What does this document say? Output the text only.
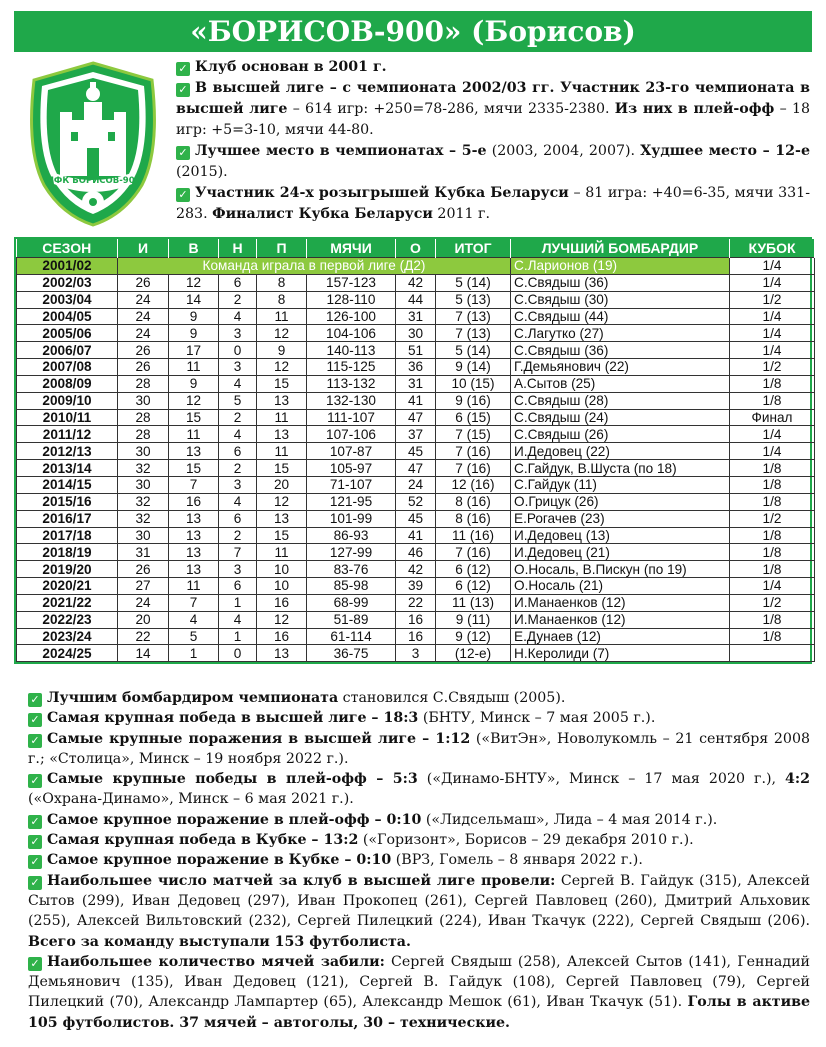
«БОРИСОВ-900» (Борисов)
МФК БОРИСОВ-900

✓ Клуб основан в 2001 г.

✓ В высшей лиге – с чемпионата 2002/03 гг. Участник 23-го чемпионата в высшей лиге – 614 игр: +250=78-286, мячи 2335-2380. Из них в плей-офф – 18 игр: +5=3-10, мячи 44-80.

✓ Лучшее место в чемпионатах – 5-е (2003, 2004, 2007). Худшее место – 12-е (2015).

✓ Участник 24-х розыгрышей Кубка Беларуси – 81 игра: +40=6-35, мячи 331-283. Финалист Кубка Беларуси 2011 г.

СЕЗОН	И	В	Н	П	МЯЧИ	О	ИТОГ	ЛУЧШИЙ БОМБАРДИР	КУБОК
2001/02	Команда играла в первой лиге (Д2)							С.Ларионов (19)	1/4
2002/03	26	12	6	8	157-123	42	5 (14)	С.Свядыш (36)	1/4
2003/04	24	14	2	8	128-110	44	5 (13)	С.Свядыш (30)	1/2
2004/05	24	9	4	11	126-100	31	7 (13)	С.Свядыш (44)	1/4
2005/06	24	9	3	12	104-106	30	7 (13)	С.Лагутко (27)	1/4
2006/07	26	17	0	9	140-113	51	5 (14)	С.Свядыш (36)	1/4
2007/08	26	11	3	12	115-125	36	9 (14)	Г.Демьянович (22)	1/2
2008/09	28	9	4	15	113-132	31	10 (15)	А.Сытов (25)	1/8
2009/10	30	12	5	13	132-130	41	9 (16)	С.Свядыш (28)	1/8
2010/11	28	15	2	11	111-107	47	6 (15)	С.Свядыш (24)	Финал
2011/12	28	11	4	13	107-106	37	7 (15)	С.Свядыш (26)	1/4
2012/13	30	13	6	11	107-87	45	7 (16)	И.Дедовец (22)	1/4
2013/14	32	15	2	15	105-97	47	7 (16)	С.Гайдук, В.Шуста (по 18)	1/8
2014/15	30	7	3	20	71-107	24	12 (16)	С.Гайдук (11)	1/8
2015/16	32	16	4	12	121-95	52	8 (16)	О.Грицук (26)	1/8
2016/17	32	13	6	13	101-99	45	8 (16)	Е.Рогачев (23)	1/2
2017/18	30	13	2	15	86-93	41	11 (16)	И.Дедовец (13)	1/8
2018/19	31	13	7	11	127-99	46	7 (16)	И.Дедовец (21)	1/8
2019/20	26	13	3	10	83-76	42	6 (12)	О.Носаль, В.Пискун (по 19)	1/8
2020/21	27	11	6	10	85-98	39	6 (12)	О.Носаль (21)	1/4
2021/22	24	7	1	16	68-99	22	11 (13)	И.Манаенков (12)	1/2
2022/23	20	4	4	12	51-89	16	9 (11)	И.Манаенков (12)	1/8
2023/24	22	5	1	16	61-114	16	9 (12)	Е.Дунаев (12)	1/8
2024/25	14	1	0	13	36-75	3	(12-е)	Н.Керолиди (7)	

✓ Лучшим бомбардиром чемпионата становился С.Свядыш (2005).

✓ Самая крупная победа в высшей лиге – 18:3 (БНТУ, Минск – 7 мая 2005 г.).

✓ Самые крупные поражения в высшей лиге – 1:12 («ВитЭн», Новолукомль – 21 сентября 2008 г.; «Столица», Минск – 19 ноября 2022 г.).

✓ Самые крупные победы в плей-офф – 5:3 («Динамо-БНТУ», Минск – 17 мая 2020 г.), 4:2 («Охрана-Динамо», Минск – 6 мая 2021 г.).

✓ Самое крупное поражение в плей-офф – 0:10 («Лидсельмаш», Лида – 4 мая 2014 г.).

✓ Самая крупная победа в Кубке – 13:2 («Горизонт», Борисов – 29 декабря 2010 г.).

✓ Самое крупное поражение в Кубке – 0:10 (ВРЗ, Гомель – 8 января 2022 г.).

✓ Наибольшее число матчей за клуб в высшей лиге провели: Сергей В. Гайдук (315), Алексей Сытов (299), Иван Дедовец (297), Иван Прокопец (261), Сергей Павловец (260), Дмитрий Альховик (255), Алексей Вильтовский (232), Сергей Пилецкий (224), Иван Ткачук (222), Сергей Свядыш (206). Всего за команду выступали 153 футболиста.

✓ Наибольшее количество мячей забили: Сергей Свядыш (258), Алексей Сытов (141), Геннадий Демьянович (135), Иван Дедовец (121), Сергей В. Гайдук (108), Сергей Павловец (79), Сергей Пилецкий (70), Александр Лампартер (65), Александр Мешок (61), Иван Ткачук (51). Голы в активе 105 футболистов. 37 мячей – автоголы, 30 – технические.
